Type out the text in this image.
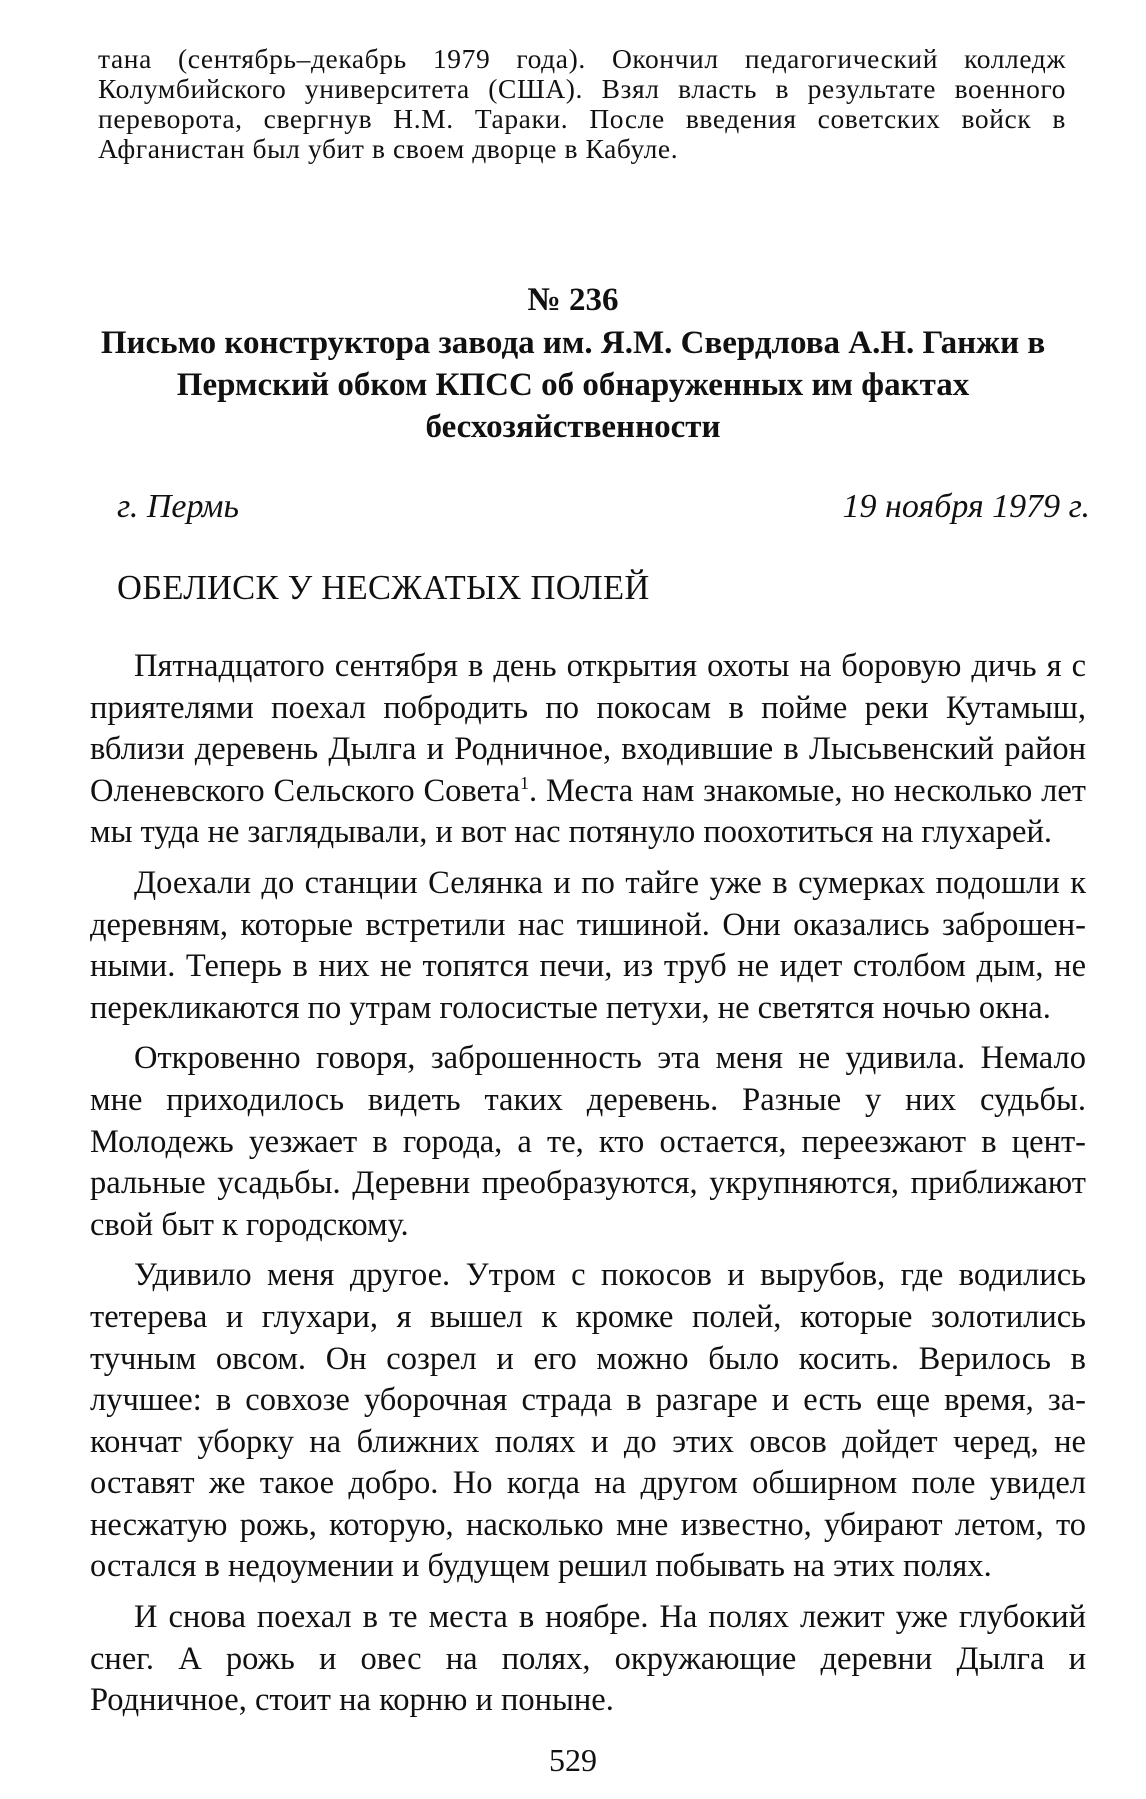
тана (сентябрь–декабрь 1979 года). Окончил педагогический колледж Колумбийского университета (США). Взял власть в результате военного переворота, свергнув Н.М. Тараки. После введения советских войск в Афганистан был убит в своем дворце в Кабуле.
№ 236
Письмо конструктора завода им. Я.М. Свердлова А.Н. Ганжи в Пермский обком КПСС об обнаруженных им фактах бесхозяйственности
г. Пермь	19 ноября 1979 г.
ОБЕЛИСК У НЕСЖАТЫХ ПОЛЕЙ

Пятнадцатого сентября в день открытия охоты на боровую дичь я с приятелями поехал побродить по покосам в пойме реки Кутамыш, вблизи деревень Дылга и Родничное, входившие в Лысьвенский район Оленевского Сельского Совета$^1$. Места нам знакомые, но несколько лет мы туда не заглядывали, и вот нас потянуло поохотиться на глухарей.

Доехали до станции Селянка и по тайге уже в сумерках подошли к деревням, которые встретили нас тишиной. Они оказались заброшенными. Теперь в них не топятся печи, из труб не идет столбом дым, не перекликаются по утрам голосистые петухи, не светятся ночью окна.

Откровенно говоря, заброшенность эта меня не удивила. Немало мне приходилось видеть таких деревень. Разные у них судьбы. Молодежь уезжает в города, а те, кто остается, переезжают в центральные усадьбы. Деревни преобразуются, укрупняются, приближают свой быт к городскому.

Удивило меня другое. Утром с покосов и вырубов, где водились тетерева и глухари, я вышел к кромке полей, которые золотились тучным овсом. Он созрел и его можно было косить. Верилось в лучшее: в совхозе уборочная страда в разгаре и есть еще время, закончат уборку на ближних полях и до этих овсов дойдет черед, не оставят же такое добро. Но когда на другом обширном поле увидел несжатую рожь, которую, насколько мне известно, убирают летом, то остался в недоумении и будущем решил побывать на этих полях.

И снова поехал в те места в ноябре. На полях лежит уже глубокий снег. А рожь и овес на полях, окружающие деревни Дылга и Родничное, стоит на корню и поныне.

529
